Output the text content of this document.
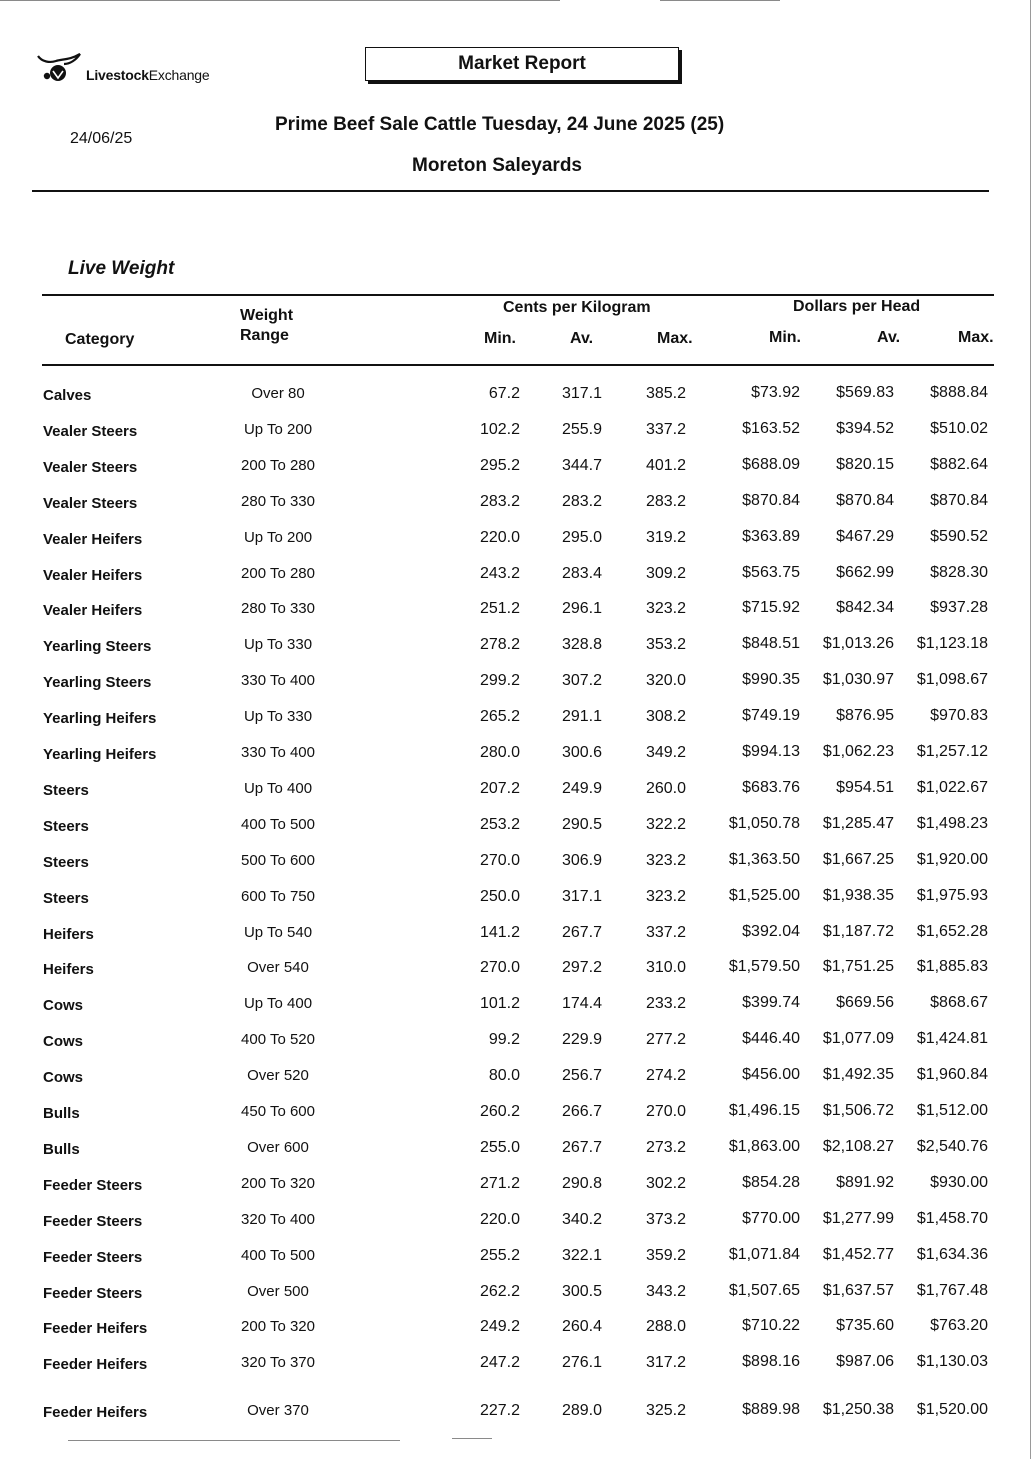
LivestockExchange
Market Report
24/06/25
Prime Beef Sale Cattle Tuesday, 24 June 2025 (25)
Moreton Saleyards
Live Weight
Category
Weight
Range
Cents per Kilogram	Dollars per Head
Min.	Av.	Max.	Min.	Av.	Max.
Calves	Over 80	67.2	317.1	385.2	$73.92 $569.83 $888.84
Vealer Steers	Up To 200	102.2	255.9	337.2	$163.52 $394.52 $510.02
Vealer Steers	200 To 280	295.2	344.7	401.2	$688.09 $820.15 $882.64
Vealer Steers	280 To 330	283.2	283.2	283.2	$870.84 $870.84 $870.84
Vealer Heifers	Up To 200	220.0	295.0	319.2	$363.89 $467.29 $590.52
Vealer Heifers	200 To 280	243.2	283.4	309.2	$563.75 $662.99 $828.30
Vealer Heifers	280 To 330	251.2	296.1	323.2	$715.92 $842.34 $937.28
Yearling Steers	Up To 330	278.2	328.8	353.2	$848.51 $1,013.26 $1,123.18
Yearling Steers	330 To 400	299.2	307.2	320.0	$990.35 $1,030.97 $1,098.67
Yearling Heifers	Up To 330	265.2	291.1	308.2	$749.19 $876.95 $970.83
Yearling Heifers	330 To 400	280.0	300.6	349.2	$994.13 $1,062.23 $1,257.12
Steers	Up To 400	207.2	249.9	260.0	$683.76 $954.51 $1,022.67
Steers	400 To 500	253.2	290.5	322.2	$1,050.78 $1,285.47 $1,498.23
Steers	500 To 600	270.0	306.9	323.2	$1,363.50 $1,667.25 $1,920.00
Steers	600 To 750	250.0	317.1	323.2	$1,525.00 $1,938.35 $1,975.93
Heifers	Up To 540	141.2	267.7	337.2	$392.04 $1,187.72 $1,652.28
Heifers	Over 540	270.0	297.2	310.0	$1,579.50 $1,751.25 $1,885.83
Cows	Up To 400	101.2	174.4	233.2	$399.74 $669.56 $868.67
Cows	400 To 520	99.2	229.9	277.2	$446.40 $1,077.09 $1,424.81
Cows	Over 520	80.0	256.7	274.2	$456.00 $1,492.35 $1,960.84
Bulls	450 To 600	260.2	266.7	270.0	$1,496.15 $1,506.72 $1,512.00
Bulls	Over 600	255.0	267.7	273.2	$1,863.00 $2,108.27 $2,540.76
Feeder Steers	200 To 320	271.2	290.8	302.2	$854.28 $891.92 $930.00
Feeder Steers	320 To 400	220.0	340.2	373.2	$770.00 $1,277.99 $1,458.70
Feeder Steers	400 To 500	255.2	322.1	359.2	$1,071.84 $1,452.77 $1,634.36
Feeder Steers	Over 500	262.2	300.5	343.2	$1,507.65 $1,637.57 $1,767.48
Feeder Heifers	200 To 320	249.2	260.4	288.0	$710.22 $735.60 $763.20
Feeder Heifers	320 To 370	247.2	276.1	317.2	$898.16 $987.06 $1,130.03
Feeder Heifers	Over 370	227.2	289.0	325.2	$889.98 $1,250.38 $1,520.00
